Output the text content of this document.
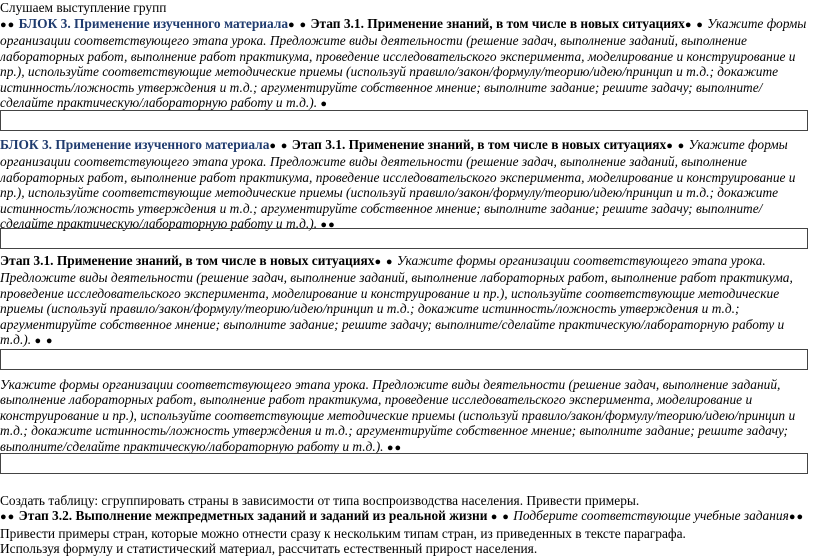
Слушаем выступление групп

●● БЛОК 3. Применение изученного материала● ● Этап 3.1. Применение знаний, в том числе в новых ситуациях● ● Укажите формы организации соответствующего этапа урока. Предложите виды деятельности (решение задач, выполнение заданий, выполнение лабораторных работ, выполнение работ практикума, проведение исследовательского эксперимента, моделирование и конструирование и пр.), используйте соответствующие методические приемы (используй правило/закон/формулу/теорию/идею/принцип и т.д.; докажите истинность/ложность утверждения и т.д.; аргументируйте собственное мнение; выполните задание; решите задачу; выполните/сделайте практическую/лабораторную работу и т.д.). ●

БЛОК 3. Применение изученного материала● ● Этап 3.1. Применение знаний, в том числе в новых ситуациях● ● Укажите формы организации соответствующего этапа урока. Предложите виды деятельности (решение задач, выполнение заданий, выполнение лабораторных работ, выполнение работ практикума, проведение исследовательского эксперимента, моделирование и конструирование и пр.), используйте соответствующие методические приемы (используй правило/закон/формулу/теорию/идею/принцип и т.д.; докажите истинность/ложность утверждения и т.д.; аргументируйте собственное мнение; выполните задание; решите задачу; выполните/сделайте практическую/лабораторную работу и т.д.). ●●

Этап 3.1. Применение знаний, в том числе в новых ситуациях● ● Укажите формы организации соответствующего этапа урока. Предложите виды деятельности (решение задач, выполнение заданий, выполнение лабораторных работ, выполнение работ практикума, проведение исследовательского эксперимента, моделирование и конструирование и пр.), используйте соответствующие методические приемы (используй правило/закон/формулу/теорию/идею/принцип и т.д.; докажите истинность/ложность утверждения и т.д.; аргументируйте собственное мнение; выполните задание; решите задачу; выполните/сделайте практическую/лабораторную работу и т.д.). ● ●

Укажите формы организации соответствующего этапа урока. Предложите виды деятельности (решение задач, выполнение заданий, выполнение лабораторных работ, выполнение работ практикума, проведение исследовательского эксперимента, моделирование и конструирование и пр.), используйте соответствующие методические приемы (используй правило/закон/формулу/теорию/идею/принцип и т.д.; докажите истинность/ложность утверждения и т.д.; аргументируйте собственное мнение; выполните задание; решите задачу; выполните/сделайте практическую/лабораторную работу и т.д.). ●●

Создать таблицу: сгруппировать страны в зависимости от типа воспроизводства населения. Привести примеры.

●● Этап 3.2. Выполнение межпредметных заданий и заданий из реальной жизни ● ● Подберите соответствующие учебные задания●● Привести примеры стран, которые можно отнести сразу к нескольким типам стран, из приведенных в тексте параграфа.

Используя формулу и статистический материал, рассчитать естественный прирост населения.
